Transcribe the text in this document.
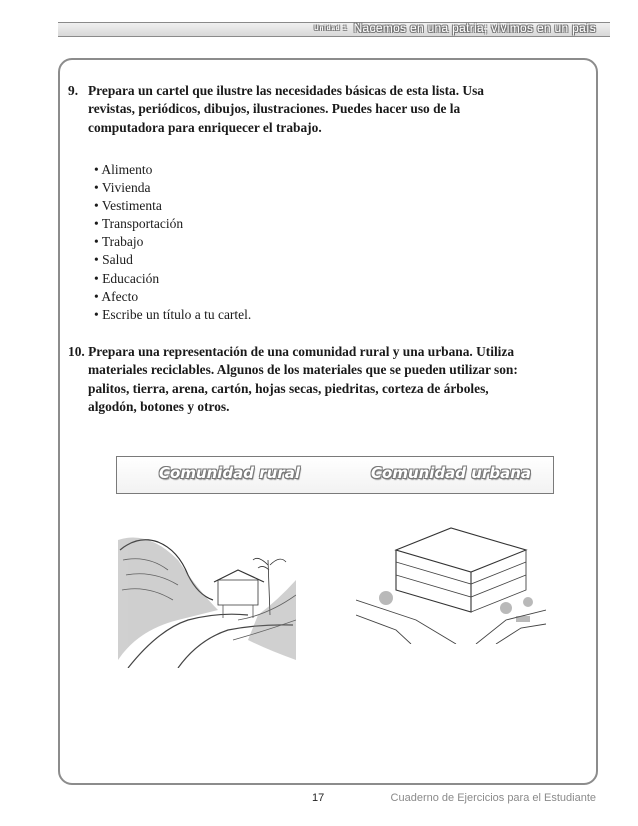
Unidad 1 Nacemos en una patria; vivimos en un país
9. Prepara un cartel que ilustre las necesidades básicas de esta lista. Usa
revistas, periódicos, dibujos, ilustraciones. Puedes hacer uso de la
computadora para enriquecer el trabajo.
• Alimento
• Vivienda
• Vestimenta
• Transportación
• Trabajo
• Salud
• Educación
• Afecto
• Escribe un título a tu cartel.
10. Prepara una representación de una comunidad rural y una urbana. Utiliza
materiales reciclables. Algunos de los materiales que se pueden utilizar son:
palitos, tierra, arena, cartón, hojas secas, piedritas, corteza de árboles,
algodón, botones y otros.
Comunidad rural	Comunidad urbana
17	Cuaderno de Ejercicios para el Estudiante
